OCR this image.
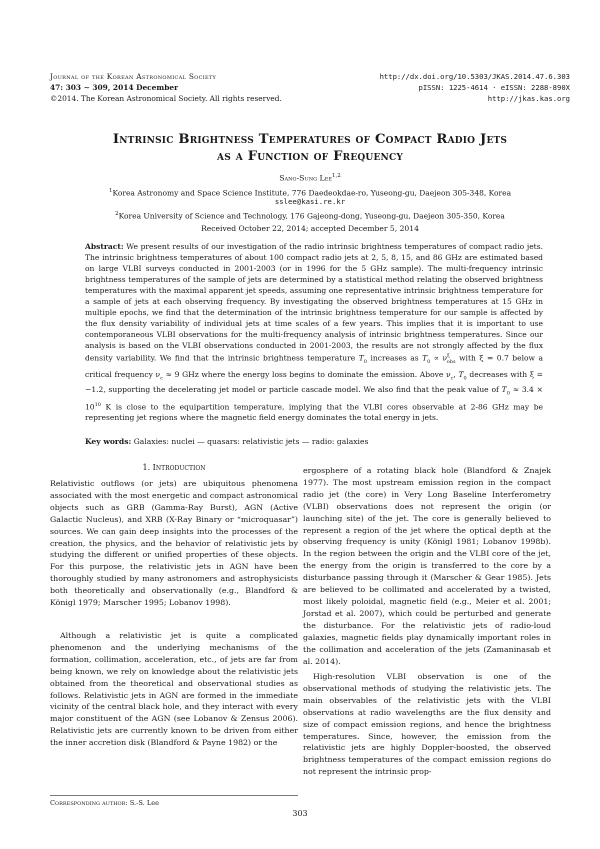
Journal of the Korean Astronomical Society
47: 303 ∼ 309, 2014 December
©2014. The Korean Astronomical Society. All rights reserved.
http://dx.doi.org/10.5303/JKAS.2014.47.6.303
pISSN: 1225-4614 · eISSN: 2288-890X
http://jkas.kas.org
Intrinsic Brightness Temperatures of Compact Radio Jets
as a Function of Frequency
Sang-Sung Lee$^{1,2}$
$^1$Korea Astronomy and Space Science Institute, 776 Daedeokdae-ro, Yuseong-gu, Daejeon 305-348, Korea
sslee@kasi.re.kr
$^2$Korea University of Science and Technology, 176 Gajeong-dong, Yuseong-gu, Daejeon 305-350, Korea
Received October 22, 2014; accepted December 5, 2014
Abstract: We present results of our investigation of the radio intrinsic brightness temperatures of compact radio jets. The intrinsic brightness temperatures of about 100 compact radio jets at 2, 5, 8, 15, and 86 GHz are estimated based on large VLBI surveys conducted in 2001-2003 (or in 1996 for the 5 GHz sample). The multi-frequency intrinsic brightness temperatures of the sample of jets are determined by a statistical method relating the observed brightness temperatures with the maximal apparent jet speeds, assuming one representative intrinsic brightness temperature for a sample of jets at each observing frequency. By investigating the observed brightness temperatures at 15 GHz in multiple epochs, we find that the determination of the intrinsic brightness temperature for our sample is affected by the flux density variability of individual jets at time scales of a few years. This implies that it is important to use contemporaneous VLBI observations for the multi-frequency analysis of intrinsic brightness temperatures. Since our analysis is based on the VLBI observations conducted in 2001-2003, the results are not strongly affected by the flux density variability. We find that the intrinsic brightness temperature $T_0$ increases as $T_0 \propto \nu^\xi_{obs}$ with ξ = 0.7 below a critical frequency $\nu_c \approx 9$ GHz where the energy loss begins to dominate the emission. Above $\nu_c$, $T_0$ decreases with ξ = −1.2, supporting the decelerating jet model or particle cascade model. We also find that the peak value of $T_0 \approx 3.4 \times 10^{10}$ K is close to the equipartition temperature, implying that the VLBI cores observable at 2-86 GHz may be representing jet regions where the magnetic field energy dominates the total energy in jets.
Key words: Galaxies: nuclei — quasars: relativistic jets — radio: galaxies
1. Introduction
Relativistic outflows (or jets) are ubiquitous phenomena associated with the most energetic and compact astronomical objects such as GRB (Gamma-Ray Burst), AGN (Active Galactic Nucleus), and XRB (X-Ray Binary or “microquasar”) sources. We can gain deep insights into the processes of the creation, the physics, and the behavior of relativistic jets by studying the different or unified properties of these objects. For this purpose, the relativistic jets in AGN have been thoroughly studied by many astronomers and astrophysicists both theoretically and observationally (e.g., Blandford & Königl 1979; Marscher 1995; Lobanov 1998).
Although a relativistic jet is quite a complicated phenomenon and the underlying mechanisms of the formation, collimation, acceleration, etc., of jets are far from being known, we rely on knowledge about the relativistic jets obtained from the theoretical and observational studies as follows. Relativistic jets in AGN are formed in the immediate vicinity of the central black hole, and they interact with every major constituent of the AGN (see Lobanov & Zensus 2006). Relativistic jets are currently known to be driven from either the inner accretion disk (Blandford & Payne 1982) or the
ergosphere of a rotating black hole (Blandford & Znajek 1977). The most upstream emission region in the compact radio jet (the core) in Very Long Baseline Interferometry (VLBI) observations does not represent the origin (or launching site) of the jet. The core is generally believed to represent a region of the jet where the optical depth at the observing frequency is unity (Königl 1981; Lobanov 1998b). In the region between the origin and the VLBI core of the jet, the energy from the origin is transferred to the core by a disturbance passing through it (Marscher & Gear 1985). Jets are believed to be collimated and accelerated by a twisted, most likely poloidal, magnetic field (e.g., Meier et al. 2001; Jorstad et al. 2007), which could be perturbed and generate the disturbance. For the relativistic jets of radio-loud galaxies, magnetic fields play dynamically important roles in the collimation and acceleration of the jets (Zamaninasab et al. 2014).
High-resolution VLBI observation is one of the observational methods of studying the relativistic jets. The main observables of the relativistic jets with the VLBI observations at radio wavelengths are the flux density and size of compact emission regions, and hence the brightness temperatures. Since, however, the emission from the relativistic jets are highly Doppler-boosted, the observed brightness temperatures of the compact emission regions do not represent the intrinsic prop-
Corresponding author: S.-S. Lee
303
